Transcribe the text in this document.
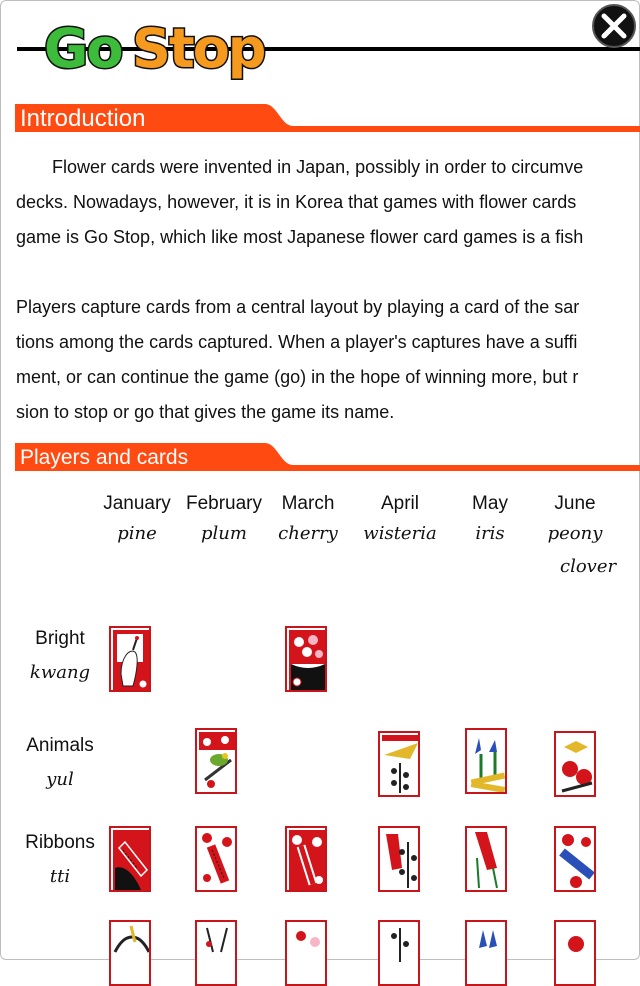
Go Stop
Introduction

Flower cards were invented in Japan, possibly in order to circumve

decks. Nowadays, however, it is in Korea that games with flower cards

game is Go Stop, which like most Japanese flower card games is a fish

Players capture cards from a central layout by playing a card of the sar

tions among the cards captured. When a player's captures have a suffi

ment, or can continue the game (go) in the hope of winning more, but r

sion to stop or go that gives the game its name.

Players and cards
January
pine
February
plum
March
cherry
April
wisteria
May
iris
June
peony
clover
Bright
kwang
Animals
yul
Ribbons
tti
